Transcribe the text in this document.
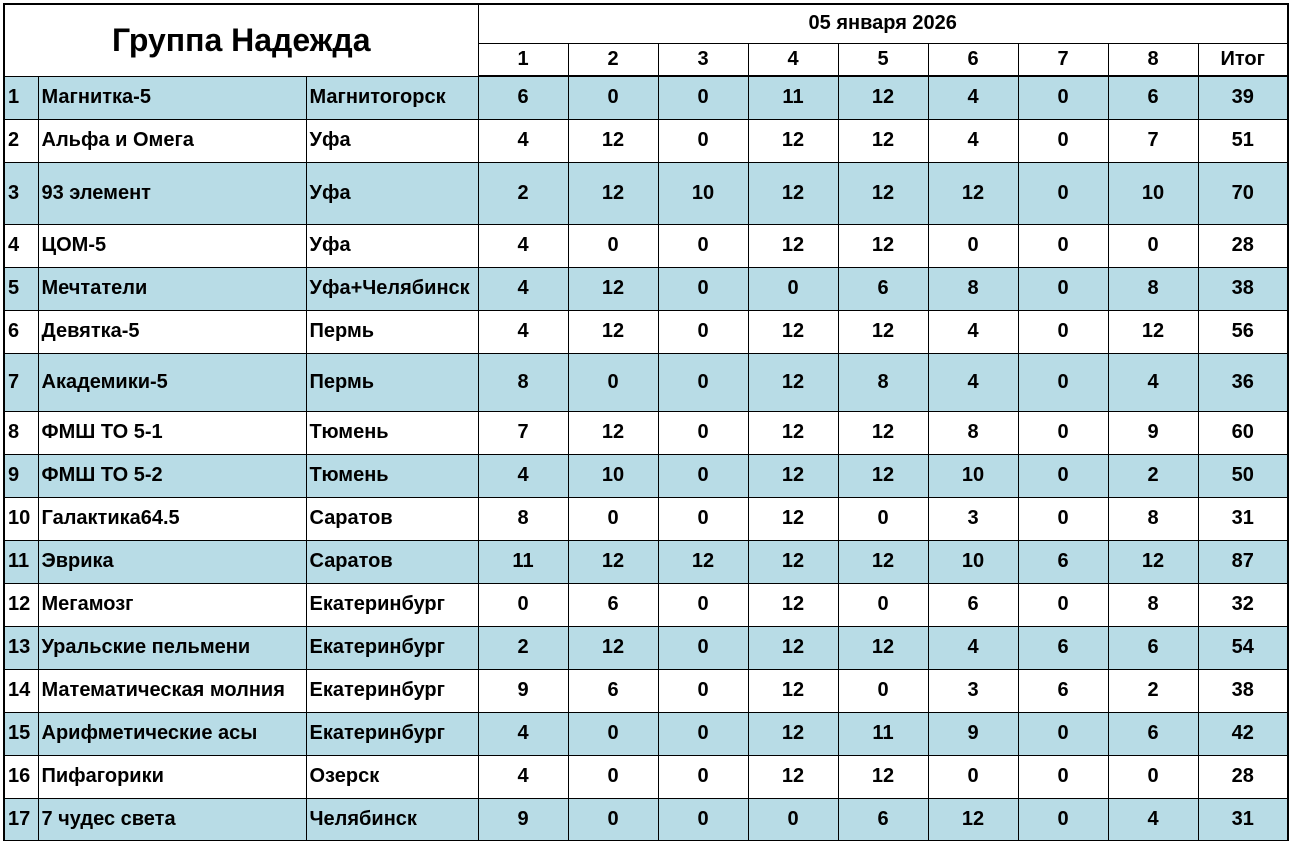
Группа Надежда			05 января 2026								
			1	2	3	4	5	6	7	8	Итог
1	Магнитка-5	Магнитогорск	6	0	0	11	12	4	0	6	39
2	Альфа и Омега	Уфа	4	12	0	12	12	4	0	7	51
3	93 элемент	Уфа	2	12	10	12	12	12	0	10	70
4	ЦОМ-5	Уфа	4	0	0	12	12	0	0	0	28
5	Мечтатели	Уфа+Челябинск	4	12	0	0	6	8	0	8	38
6	Девятка-5	Пермь	4	12	0	12	12	4	0	12	56
7	Академики-5	Пермь	8	0	0	12	8	4	0	4	36
8	ФМШ ТО 5-1	Тюмень	7	12	0	12	12	8	0	9	60
9	ФМШ ТО 5-2	Тюмень	4	10	0	12	12	10	0	2	50
10	Галактика64.5	Саратов	8	0	0	12	0	3	0	8	31
11	Эврика	Саратов	11	12	12	12	12	10	6	12	87
12	Мегамозг	Екатеринбург	0	6	0	12	0	6	0	8	32
13	Уральские пельмени	Екатеринбург	2	12	0	12	12	4	6	6	54
14	Математическая молния	Екатеринбург	9	6	0	12	0	3	6	2	38
15	Арифметические асы	Екатеринбург	4	0	0	12	11	9	0	6	42
16	Пифагорики	Озерск	4	0	0	12	12	0	0	0	28
17	7 чудес света	Челябинск	9	0	0	0	6	12	0	4	31
